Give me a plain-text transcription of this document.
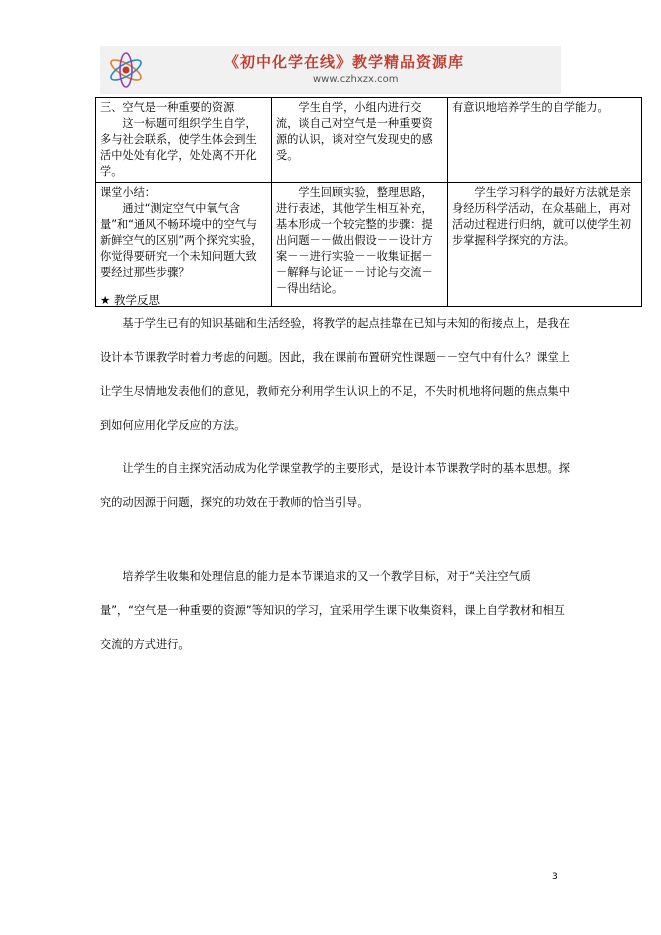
《初中化学在线》教学精品资源库
www.czhxzx.com
三、空气是一种重要的资源
这一标题可组织学生自学，多与社会联系，使学生体会到生活中处处有化学，处处离不开化学。	学生自学，小组内进行交流，谈自己对空气是一种重要资源的认识，谈对空气发现史的感受。	有意识地培养学生的自学能力。

课堂小结：
通过“测定空气中氧气含量”和“通风不畅环境中的空气与新鲜空气的区别”两个探究实验，你觉得要研究一个未知问题大致要经过那些步骤？	学生回顾实验，整理思路，进行表述，其他学生相互补充，基本形成一个较完整的步骤：提出问题－－做出假设－－设计方案－－进行实验－－收集证据－－解释与论证－－讨论与交流－－得出结论。	学生学习科学的最好方法就是亲身经历科学活动，在众基础上，再对活动过程进行归纳，就可以使学生初步掌握科学探究的方法。
★ 教学反思

基于学生已有的知识基础和生活经验，将教学的起点挂靠在已知与未知的衔接点上，是我在设计本节课教学时着力考虑的问题。因此，我在课前布置研究性课题－－空气中有什么？课堂上让学生尽情地发表他们的意见，教师充分利用学生认识上的不足，不失时机地将问题的焦点集中到如何应用化学反应的方法。

让学生的自主探究活动成为化学课堂教学的主要形式，是设计本节课教学时的基本思想。探究的动因源于问题，探究的功效在于教师的恰当引导。

培养学生收集和处理信息的能力是本节课追求的又一个教学目标，对于“关注空气质量”，“空气是一种重要的资源”等知识的学习，宜采用学生课下收集资料，课上自学教材和相互交流的方式进行。

3
